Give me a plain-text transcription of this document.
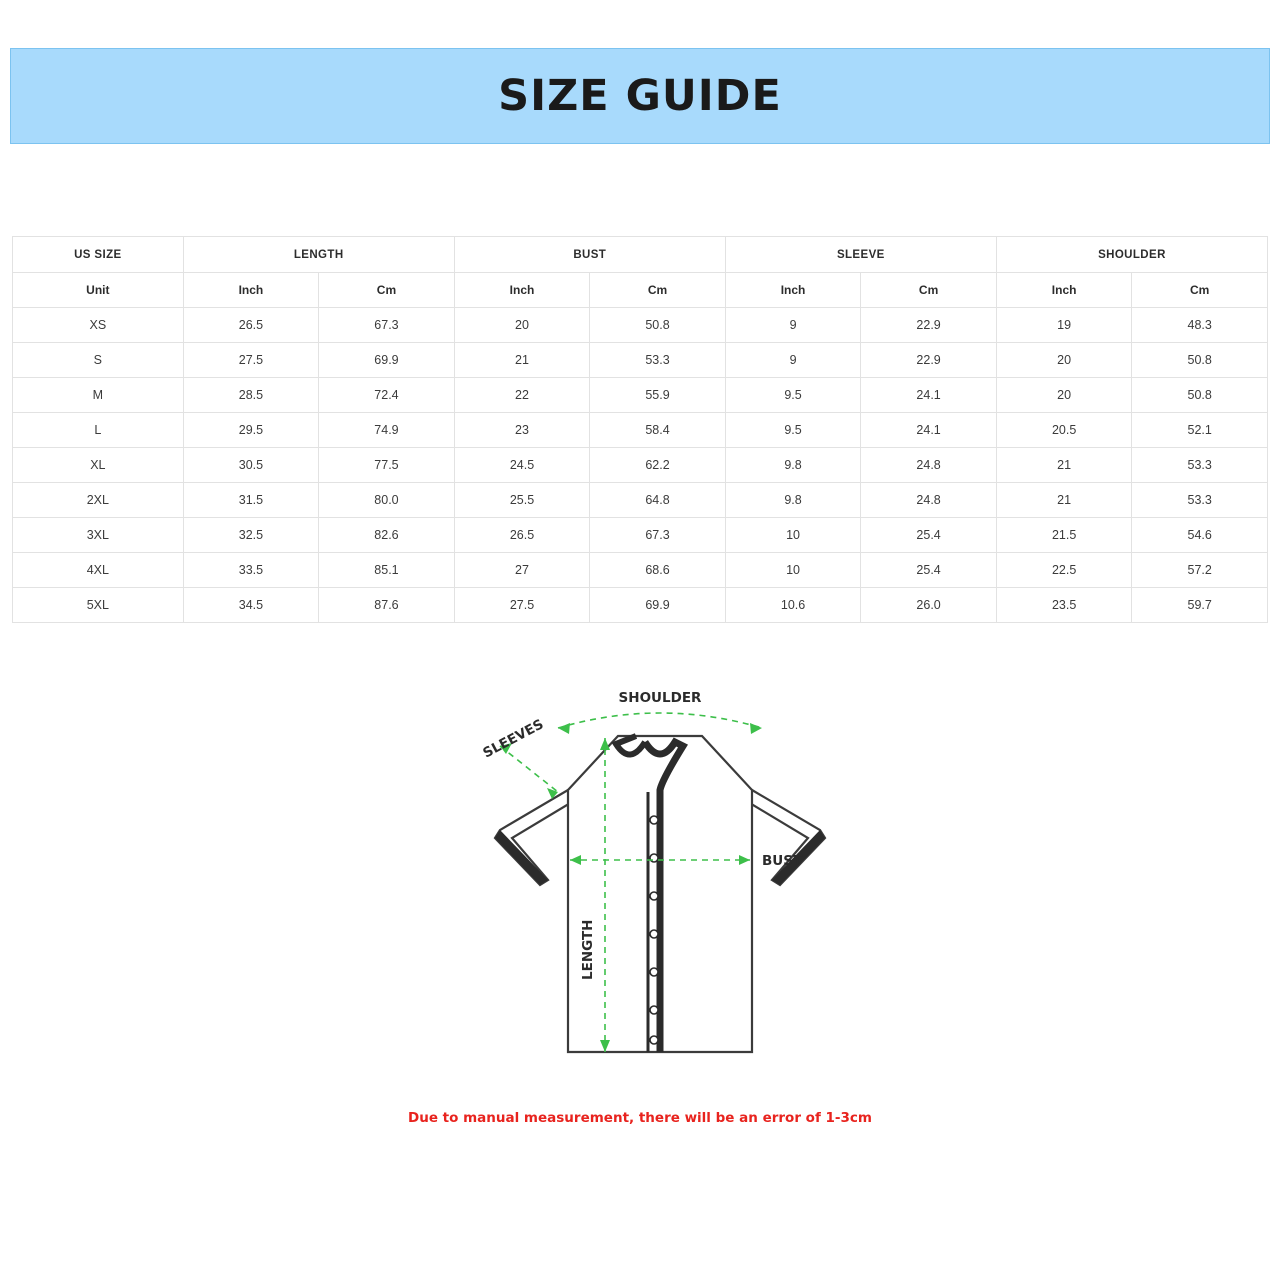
SIZE GUIDE
US SIZE	LENGTH		BUST		SLEEVE		SHOULDER	
Unit	Inch	Cm	Inch	Cm	Inch	Cm	Inch	Cm
XS	26.5	67.3	20	50.8	9	22.9	19	48.3
S	27.5	69.9	21	53.3	9	22.9	20	50.8
M	28.5	72.4	22	55.9	9.5	24.1	20	50.8
L	29.5	74.9	23	58.4	9.5	24.1	20.5	52.1
XL	30.5	77.5	24.5	62.2	9.8	24.8	21	53.3
2XL	31.5	80.0	25.5	64.8	9.8	24.8	21	53.3
3XL	32.5	82.6	26.5	67.3	10	25.4	21.5	54.6
4XL	33.5	85.1	27	68.6	10	25.4	22.5	57.2
5XL	34.5	87.6	27.5	69.9	10.6	26.0	23.5	59.7
SHOULDER
SLEEVES
BUST
LENGTH
Due to manual measurement, there will be an error of 1-3cm
